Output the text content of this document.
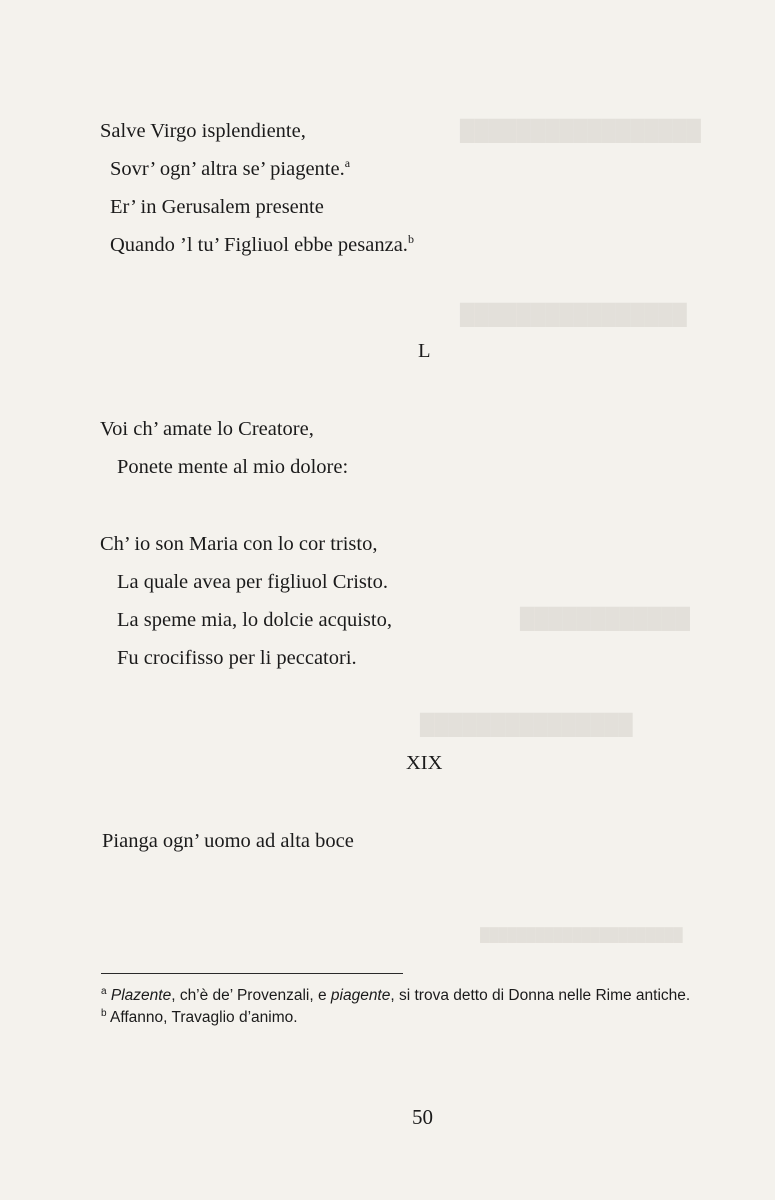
█████████████████
████████████████
████████████
███████████████
██████████████████████
Salve Virgo isplendiente,
Sovr’ ogn’ altra se’ piagente.$^a$
Er’ in Gerusalem presente
Quando ’l tu’ Figliuol ebbe pesanza.$^b$
L
Voi ch’ amate lo Creatore,
Ponete mente al mio dolore:
Ch’ io son Maria con lo cor tristo,
La quale avea per figliuol Cristo.
La speme mia, lo dolcie acquisto,
Fu crocifisso per li peccatori.
XIX
Pianga ogn’ uomo ad alta boce
$^a$ Plazente, ch’è de’ Provenzali, e piagente, si trova detto di Donna nelle Rime antiche.
$^b$ Affanno, Travaglio d’animo.
50
